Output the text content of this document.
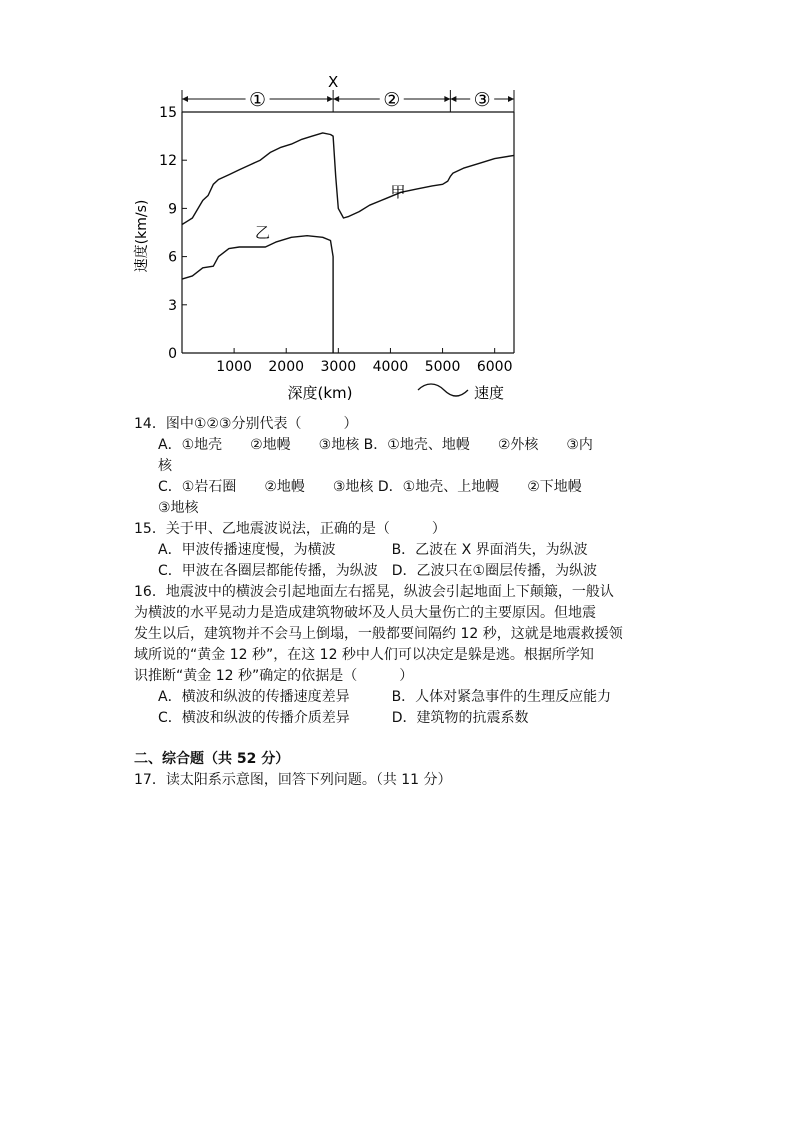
①	②	③
X
0
3
6
9
12
15
1000 2000 3000 4000 5000 6000
甲
乙
速度(km/s)
深度(km)	速度
14．图中①②③分别代表（　　　）
A．①地壳　　②地幔　　③地核 B．①地壳、地幔　　②外核　　③内
核
C．①岩石圈　　②地幔　　③地核 D．①地壳、上地幔　　②下地幔
③地核
15．关于甲、乙地震波说法，正确的是（　　　）
A．甲波传播速度慢，为横波　　　　B．乙波在 X 界面消失，为纵波
C．甲波在各圈层都能传播，为纵波　D．乙波只在①圈层传播，为纵波
16．地震波中的横波会引起地面左右摇晃，纵波会引起地面上下颠簸，一般认
为横波的水平晃动力是造成建筑物破坏及人员大量伤亡的主要原因。但地震
发生以后，建筑物并不会马上倒塌，一般都要间隔约 12 秒，这就是地震救援领
域所说的“黄金 12 秒”，在这 12 秒中人们可以决定是躲是逃。根据所学知
识推断“黄金 12 秒”确定的依据是（　　　）
A．横波和纵波的传播速度差异　　　B．人体对紧急事件的生理反应能力
C．横波和纵波的传播介质差异　　　D．建筑物的抗震系数
二、综合题（共 52 分）
17．读太阳系示意图，回答下列问题。（共 11 分）
